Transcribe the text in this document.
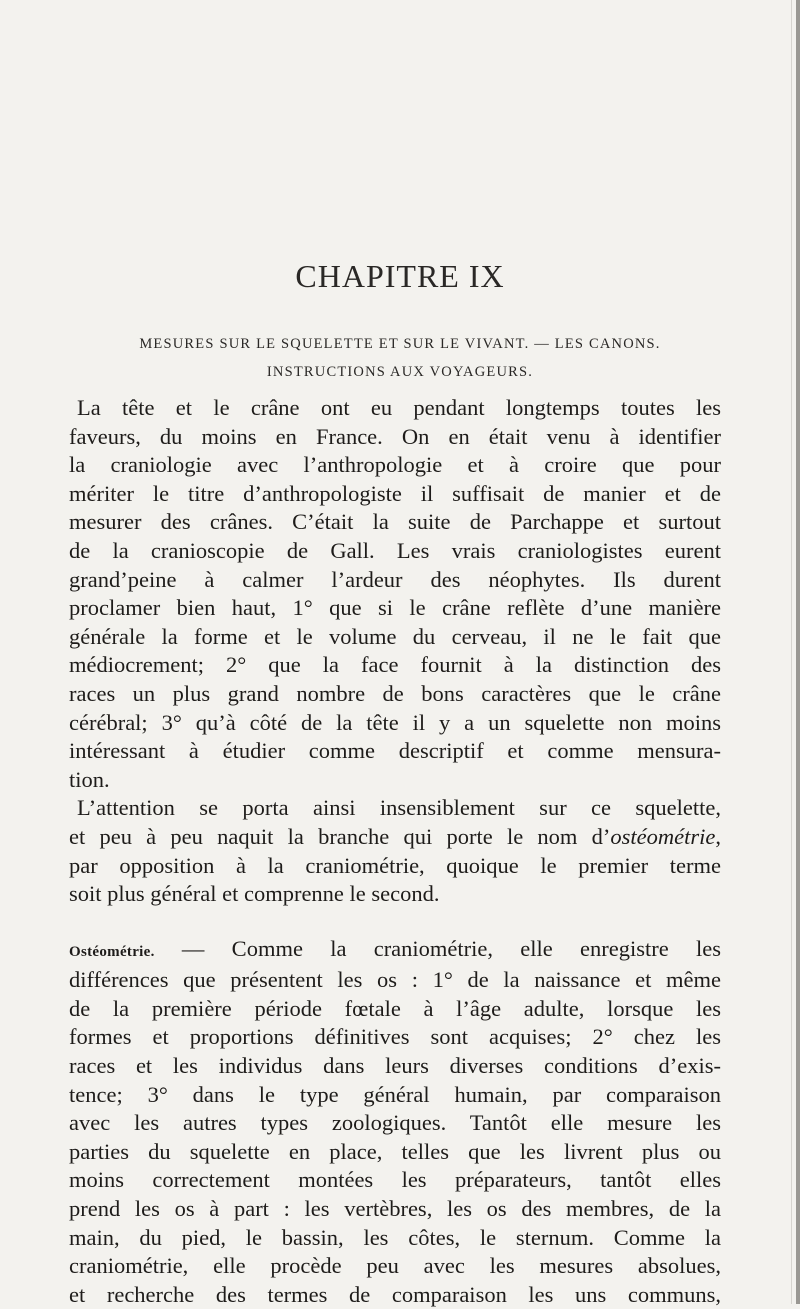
CHAPITRE IX
MESURES SUR LE SQUELETTE ET SUR LE VIVANT. — LES CANONS.
INSTRUCTIONS AUX VOYAGEURS.
La tête et le crâne ont eu pendant longtemps toutes les
faveurs, du moins en France. On en était venu à identifier
la craniologie avec l’anthropologie et à croire que pour
mériter le titre d’anthropologiste il suffisait de manier et de
mesurer des crânes. C’était la suite de Parchappe et surtout
de la cranioscopie de Gall. Les vrais craniologistes eurent
grand’peine à calmer l’ardeur des néophytes. Ils durent
proclamer bien haut, 1° que si le crâne reflète d’une manière
générale la forme et le volume du cerveau, il ne le fait que
médiocrement; 2° que la face fournit à la distinction des
races un plus grand nombre de bons caractères que le crâne
cérébral; 3° qu’à côté de la tête il y a un squelette non moins
intéressant à étudier comme descriptif et comme mensura-
tion.
L’attention se porta ainsi insensiblement sur ce squelette,
et peu à peu naquit la branche qui porte le nom d’ostéométrie,
par opposition à la craniométrie, quoique le premier terme
soit plus général et comprenne le second.
Ostéométrie. — Comme la craniométrie, elle enregistre les
différences que présentent les os : 1° de la naissance et même
de la première période fœtale à l’âge adulte, lorsque les
formes et proportions définitives sont acquises; 2° chez les
races et les individus dans leurs diverses conditions d’exis-
tence; 3° dans le type général humain, par comparaison
avec les autres types zoologiques. Tantôt elle mesure les
parties du squelette en place, telles que les livrent plus ou
moins correctement montées les préparateurs, tantôt elles
prend les os à part : les vertèbres, les os des membres, de la
main, du pied, le bassin, les côtes, le sternum. Comme la
craniométrie, elle procède peu avec les mesures absolues,
et recherche des termes de comparaison les uns communs,
